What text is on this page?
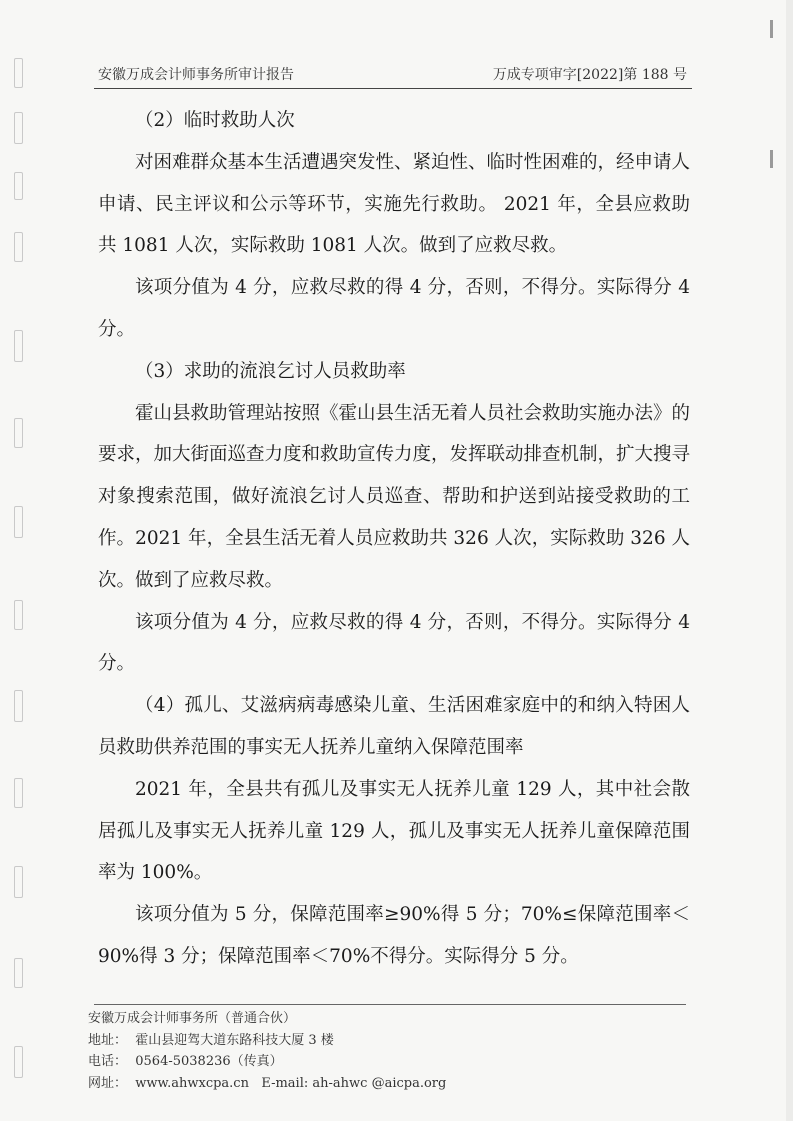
安徽万成会计师事务所审计报告	万成专项审字[2022]第 188 号

（2）临时救助人次

对困难群众基本生活遭遇突发性、紧迫性、临时性困难的，经申请人申请、民主评议和公示等环节，实施先行救助。 2021 年，全县应救助共 1081 人次，实际救助 1081 人次。做到了应救尽救。

该项分值为 4 分，应救尽救的得 4 分，否则，不得分。实际得分 4 分。

（3）求助的流浪乞讨人员救助率

霍山县救助管理站按照《霍山县生活无着人员社会救助实施办法》的要求，加大街面巡查力度和救助宣传力度，发挥联动排查机制，扩大搜寻对象搜索范围，做好流浪乞讨人员巡查、帮助和护送到站接受救助的工作。2021 年，全县生活无着人员应救助共 326 人次，实际救助 326 人次。做到了应救尽救。

该项分值为 4 分，应救尽救的得 4 分，否则，不得分。实际得分 4 分。

（4）孤儿、艾滋病病毒感染儿童、生活困难家庭中的和纳入特困人员救助供养范围的事实无人抚养儿童纳入保障范围率

2021 年，全县共有孤儿及事实无人抚养儿童 129 人，其中社会散居孤儿及事实无人抚养儿童 129 人，孤儿及事实无人抚养儿童保障范围率为 100%。

该项分值为 5 分，保障范围率≥90%得 5 分；70%≤保障范围率＜90%得 3 分；保障范围率＜70%不得分。实际得分 5 分。

安徽万成会计师事务所（普通合伙）
地址：  霍山县迎驾大道东路科技大厦 3 楼
电话：  0564-5038236（传真）
网址：  www.ahwxcpa.cn   E-mail: ah-ahwc @aicpa.org
